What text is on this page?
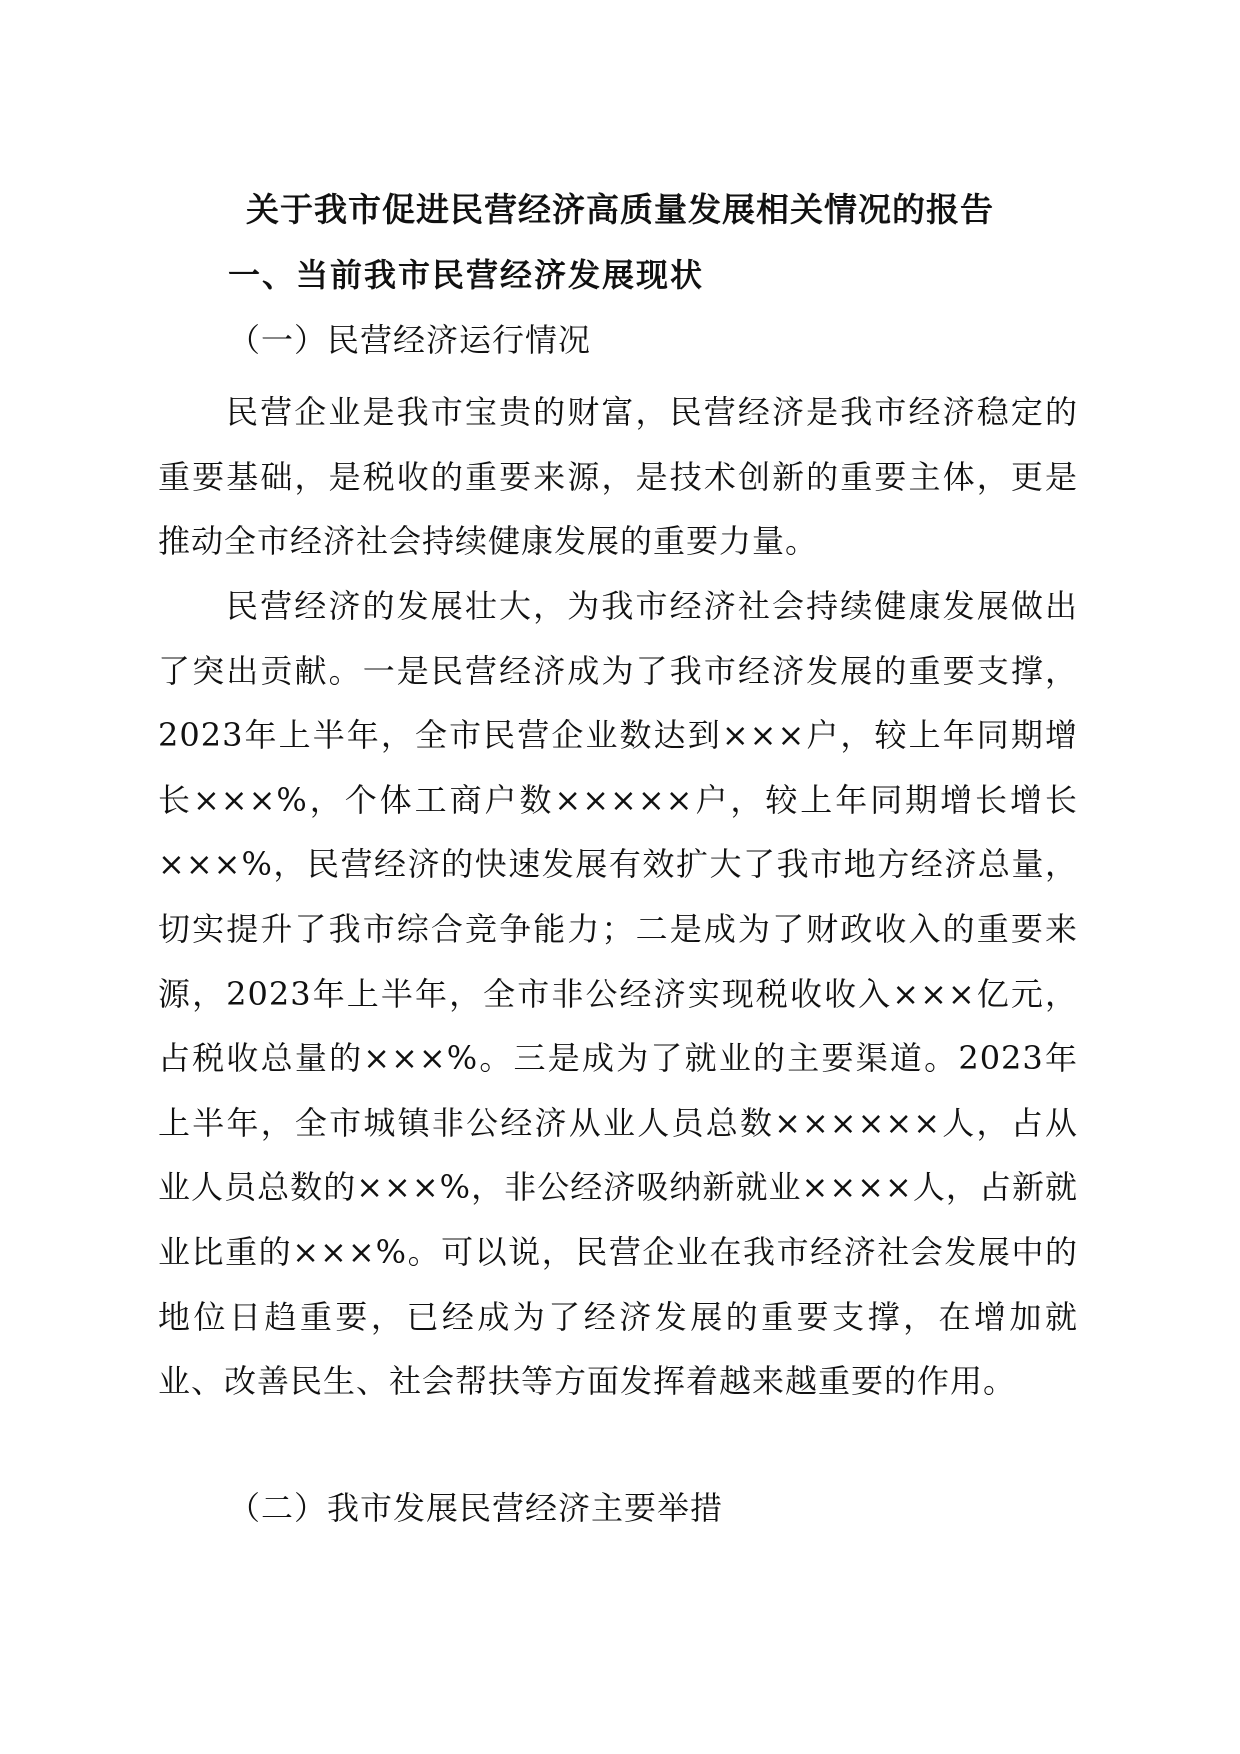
关于我市促进民营经济高质量发展相关情况的报告
一、当前我市民营经济发展现状
（一）民营经济运行情况
民营企业是我市宝贵的财富，民营经济是我市经济稳定的重要基础，是税收的重要来源，是技术创新的重要主体，更是推动全市经济社会持续健康发展的重要力量。
民营经济的发展壮大，为我市经济社会持续健康发展做出了突出贡献。一是民营经济成为了我市经济发展的重要支撑，2023年上半年，全市民营企业数达到×××户，较上年同期增长×××%，个体工商户数×××××户，较上年同期增长增长×××%，民营经济的快速发展有效扩大了我市地方经济总量，切实提升了我市综合竞争能力；二是成为了财政收入的重要来源，2023年上半年，全市非公经济实现税收收入×××亿元，占税收总量的×××%。三是成为了就业的主要渠道。2023年上半年，全市城镇非公经济从业人员总数××××××人，占从业人员总数的×××%，非公经济吸纳新就业××××人，占新就业比重的×××%。可以说，民营企业在我市经济社会发展中的地位日趋重要，已经成为了经济发展的重要支撑，在增加就业、改善民生、社会帮扶等方面发挥着越来越重要的作用。
（二）我市发展民营经济主要举措
